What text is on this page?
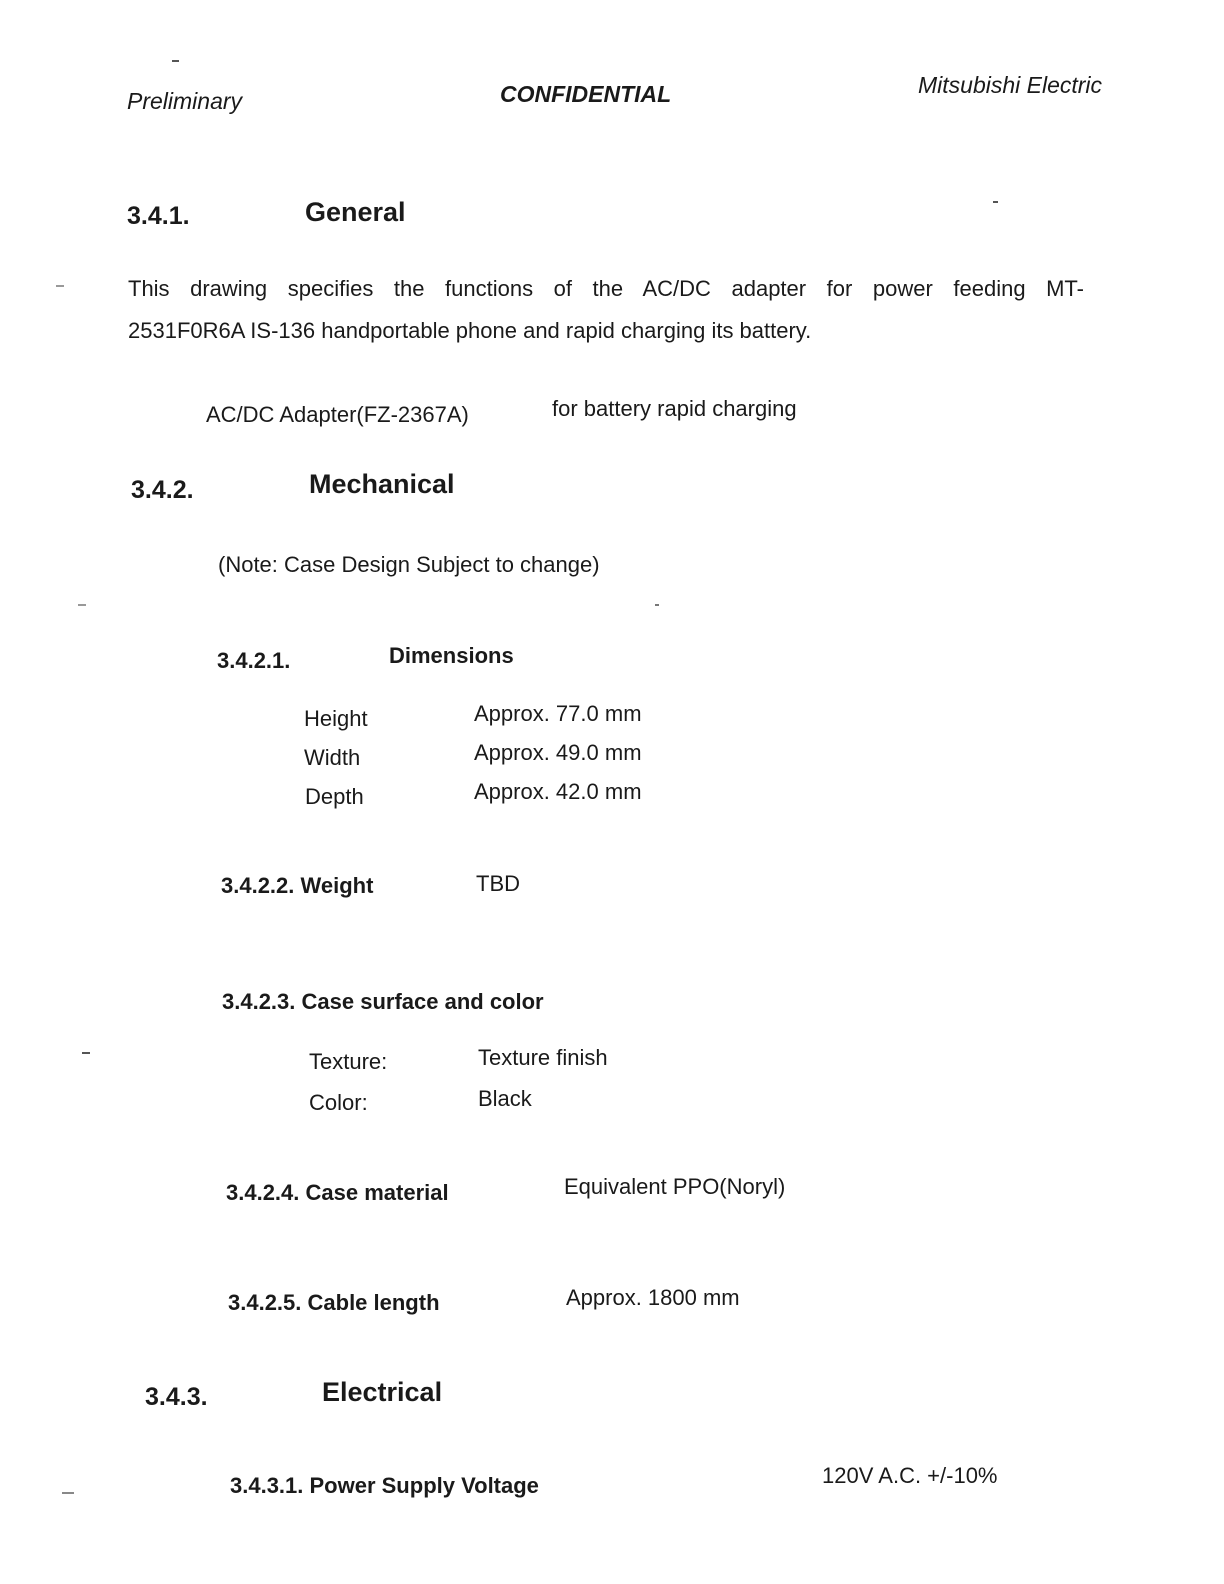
Preliminary	CONFIDENTIAL	Mitsubishi Electric
3.4.1.	General
This drawing specifies the functions of the AC/DC adapter for power feeding MT-
2531F0R6A IS-136 handportable phone and rapid charging its battery.
AC/DC Adapter(FZ-2367A)	for battery rapid charging
3.4.2.	Mechanical
(Note: Case Design Subject to change)
3.4.2.1.	Dimensions
Height	Approx. 77.0 mm
Width	Approx. 49.0 mm
Depth	Approx. 42.0 mm
3.4.2.2. Weight	TBD
3.4.2.3. Case surface and color
Texture:	Texture finish
Color:	Black
3.4.2.4. Case material	Equivalent PPO(Noryl)
3.4.2.5. Cable length	Approx. 1800 mm
3.4.3.	Electrical
3.4.3.1. Power Supply Voltage	120V A.C. +/-10%
